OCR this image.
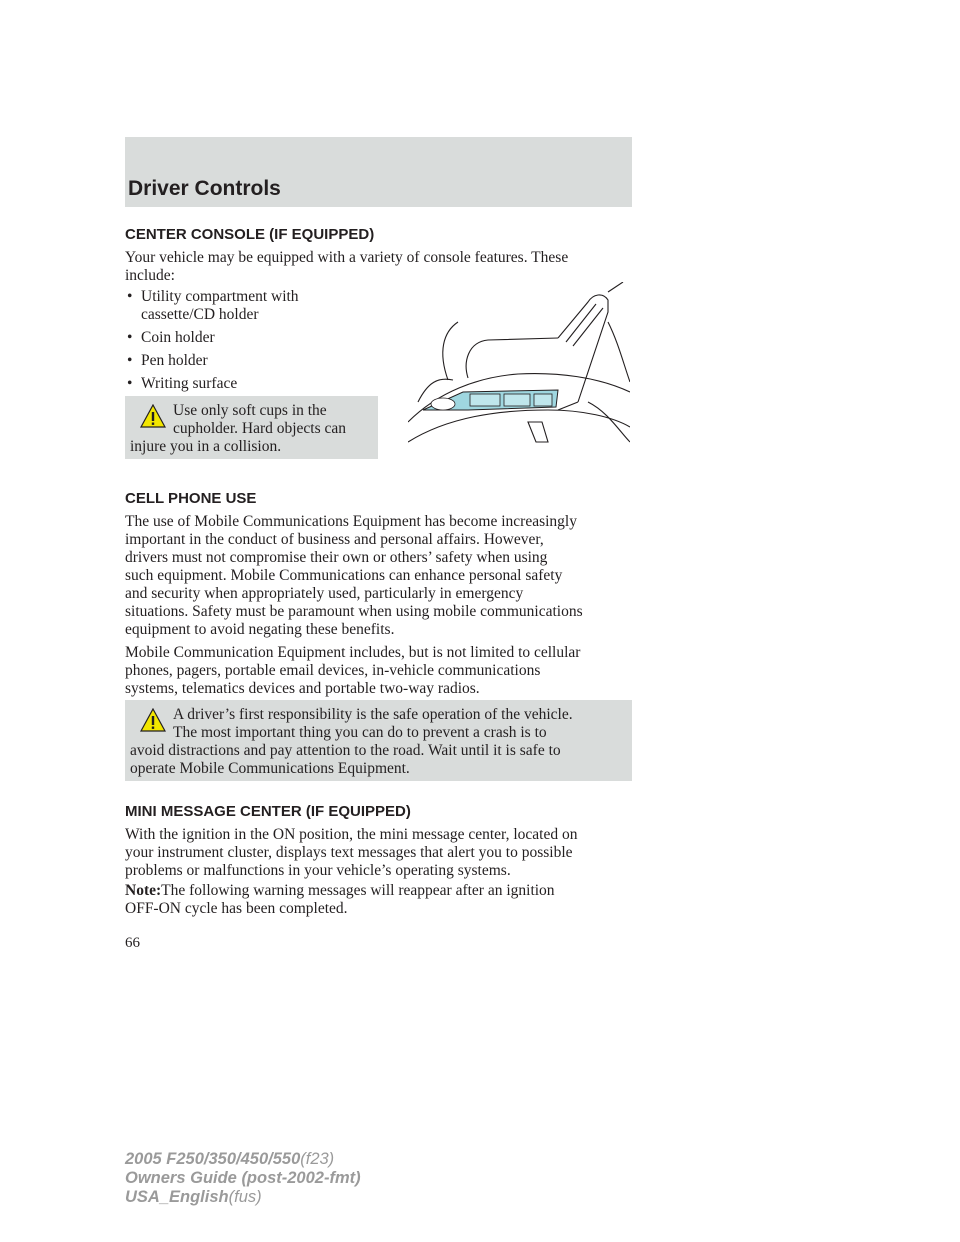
Driver Controls
CENTER CONSOLE (IF EQUIPPED)
Your vehicle may be equipped with a variety of console features. These
include:
• Utility compartment with
cassette/CD holder
• Coin holder
• Pen holder
• Writing surface
Use only soft cups in the
cupholder. Hard objects can
injure you in a collision.
CELL PHONE USE
The use of Mobile Communications Equipment has become increasingly
important in the conduct of business and personal affairs. However,
drivers must not compromise their own or others’ safety when using
such equipment. Mobile Communications can enhance personal safety
and security when appropriately used, particularly in emergency
situations. Safety must be paramount when using mobile communications
equipment to avoid negating these benefits.
Mobile Communication Equipment includes, but is not limited to cellular
phones, pagers, portable email devices, in-vehicle communications
systems, telematics devices and portable two-way radios.
A driver’s first responsibility is the safe operation of the vehicle.
The most important thing you can do to prevent a crash is to
avoid distractions and pay attention to the road. Wait until it is safe to
operate Mobile Communications Equipment.
MINI MESSAGE CENTER (IF EQUIPPED)
With the ignition in the ON position, the mini message center, located on
your instrument cluster, displays text messages that alert you to possible
problems or malfunctions in your vehicle’s operating systems.
Note:The following warning messages will reappear after an ignition
OFF-ON cycle has been completed.
66
2005 F250/350/450/550(f23)
Owners Guide (post-2002-fmt)
USA_English(fus)
